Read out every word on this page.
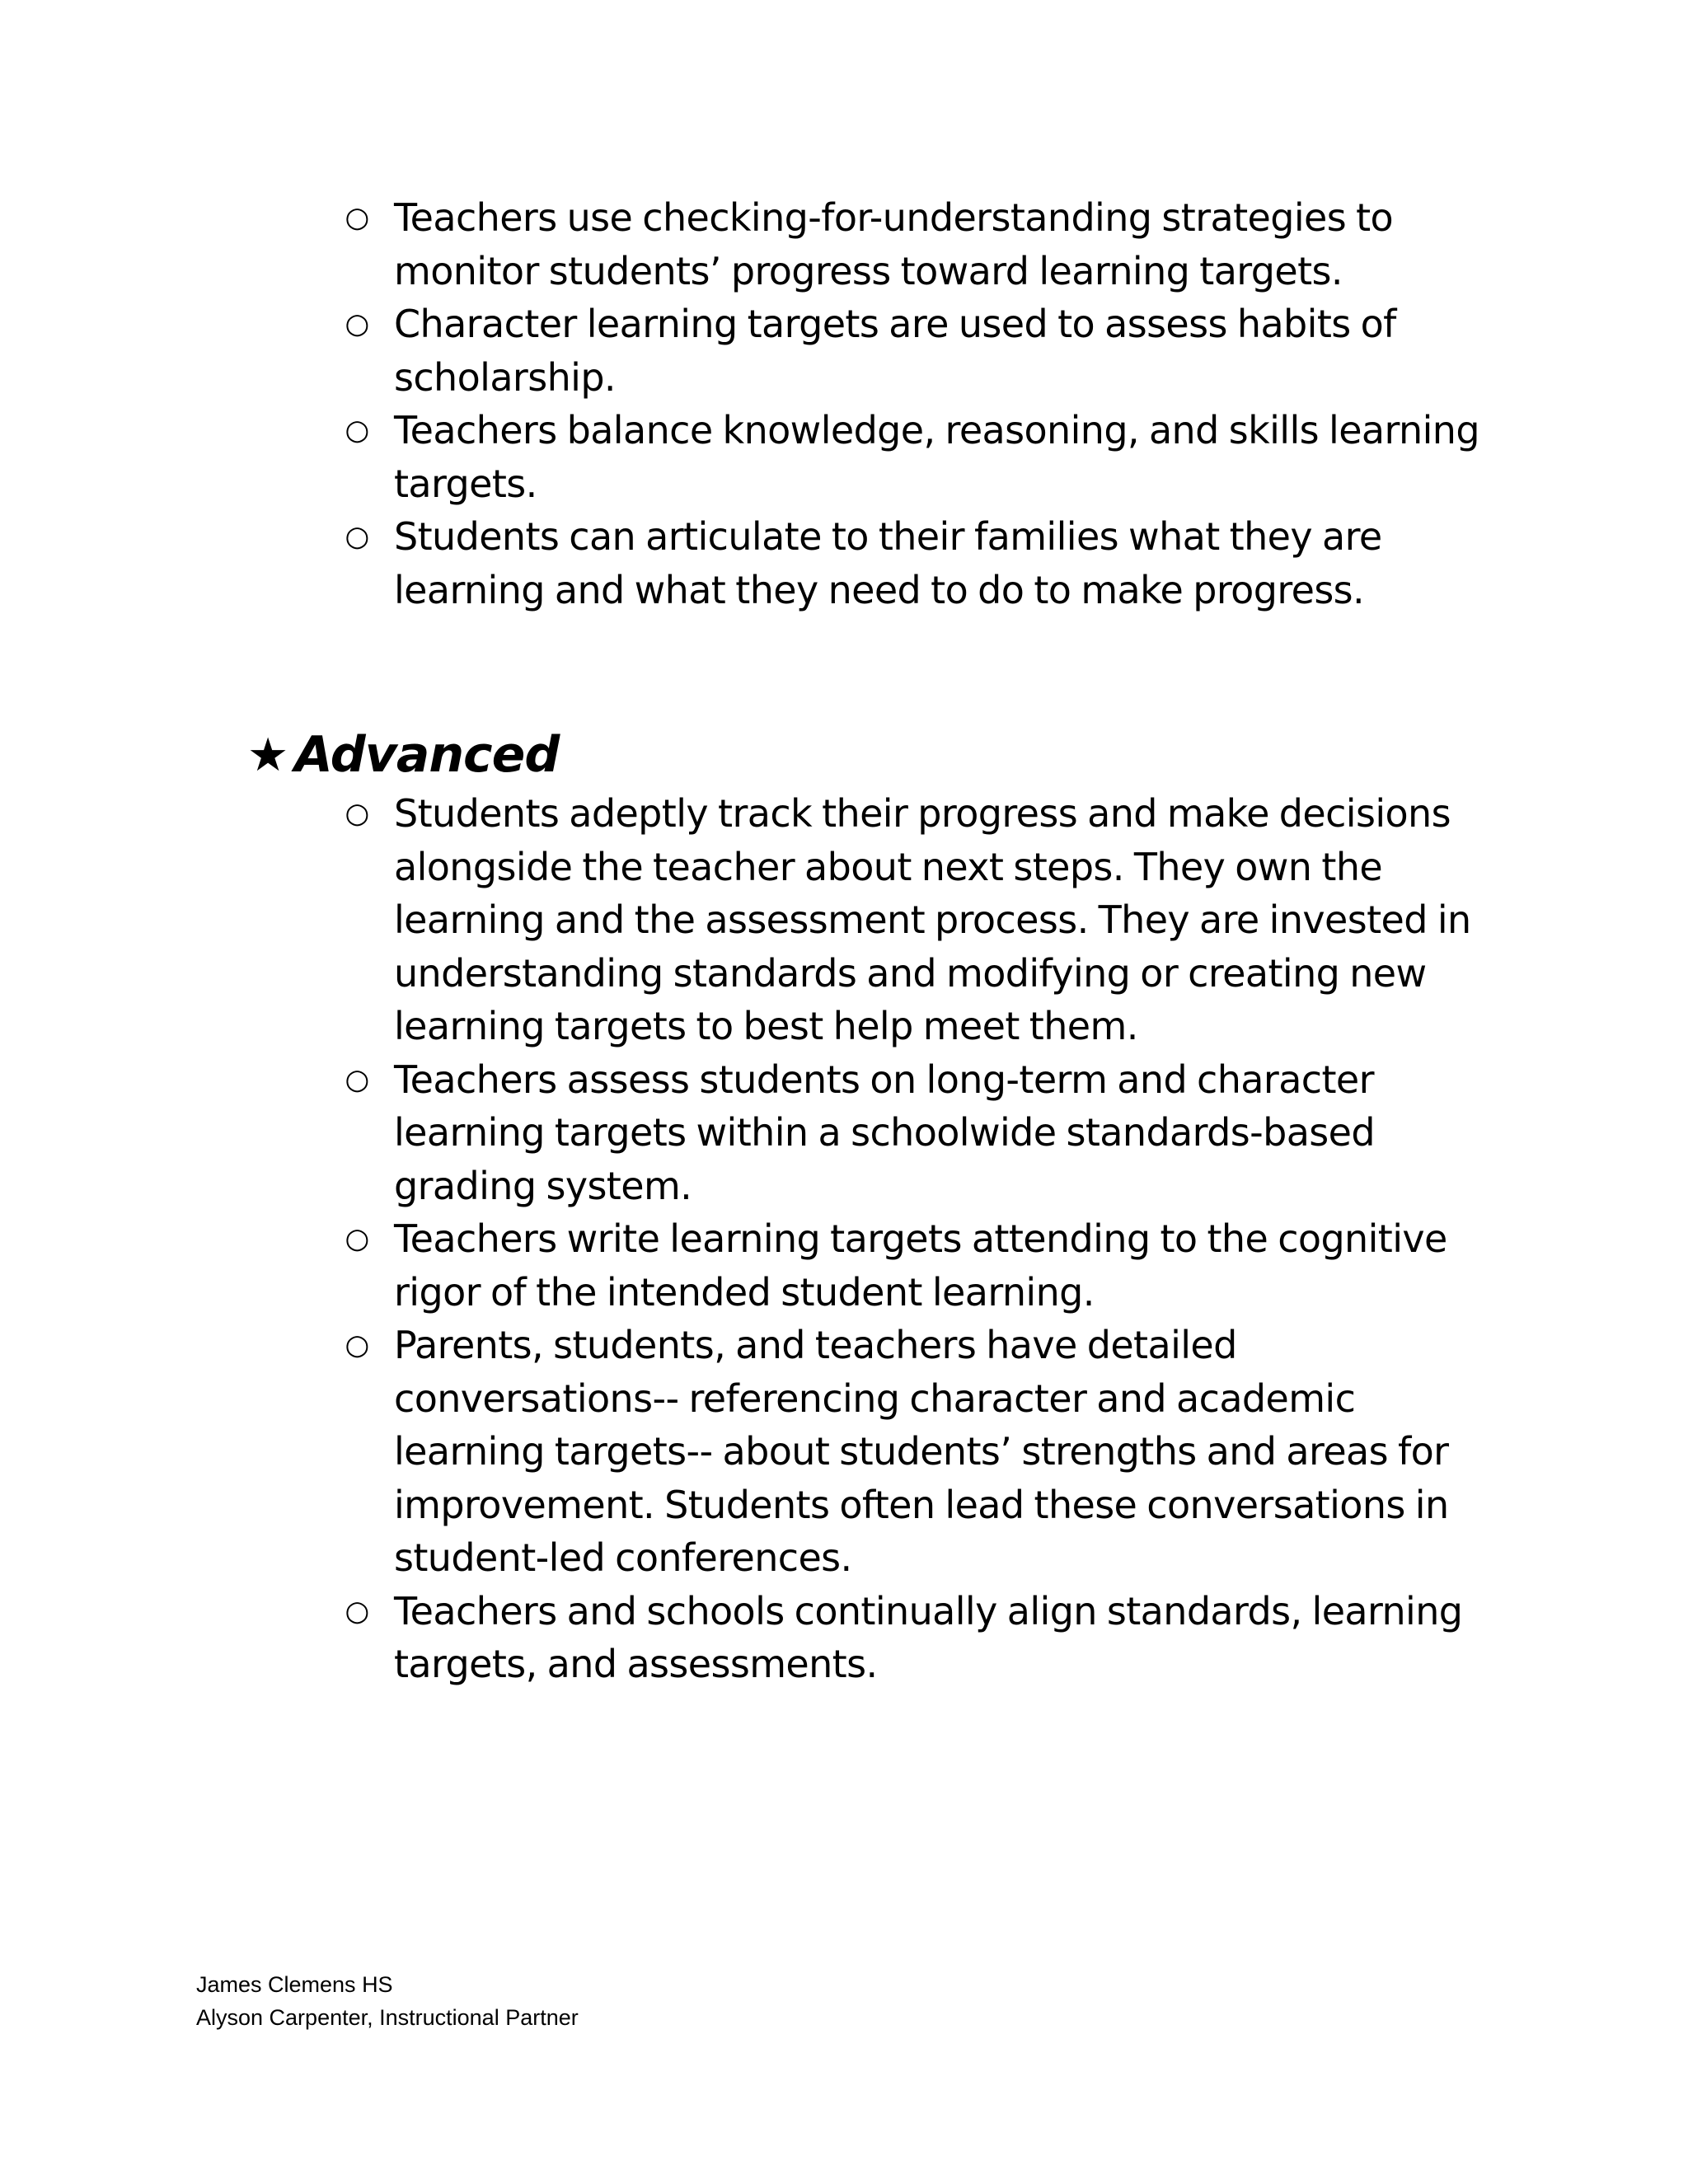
○ Teachers use checking-for-understanding strategies to monitor students’ progress toward learning targets.
○ Character learning targets are used to assess habits of scholarship.
○ Teachers balance knowledge, reasoning, and skills learning targets.
○ Students can articulate to their families what they are learning and what they need to do to make progress.
★ Advanced
○ Students adeptly track their progress and make decisions alongside the teacher about next steps. They own the learning and the assessment process. They are invested in understanding standards and modifying or creating new learning targets to best help meet them.
○ Teachers assess students on long-term and character learning targets within a schoolwide standards-based grading system.
○ Teachers write learning targets attending to the cognitive rigor of the intended student learning.
○ Parents, students, and teachers have detailed conversations-- referencing character and academic learning targets-- about students’ strengths and areas for improvement. Students often lead these conversations in student-led conferences.
○ Teachers and schools continually align standards, learning targets, and assessments.
James Clemens HS
Alyson Carpenter, Instructional Partner
